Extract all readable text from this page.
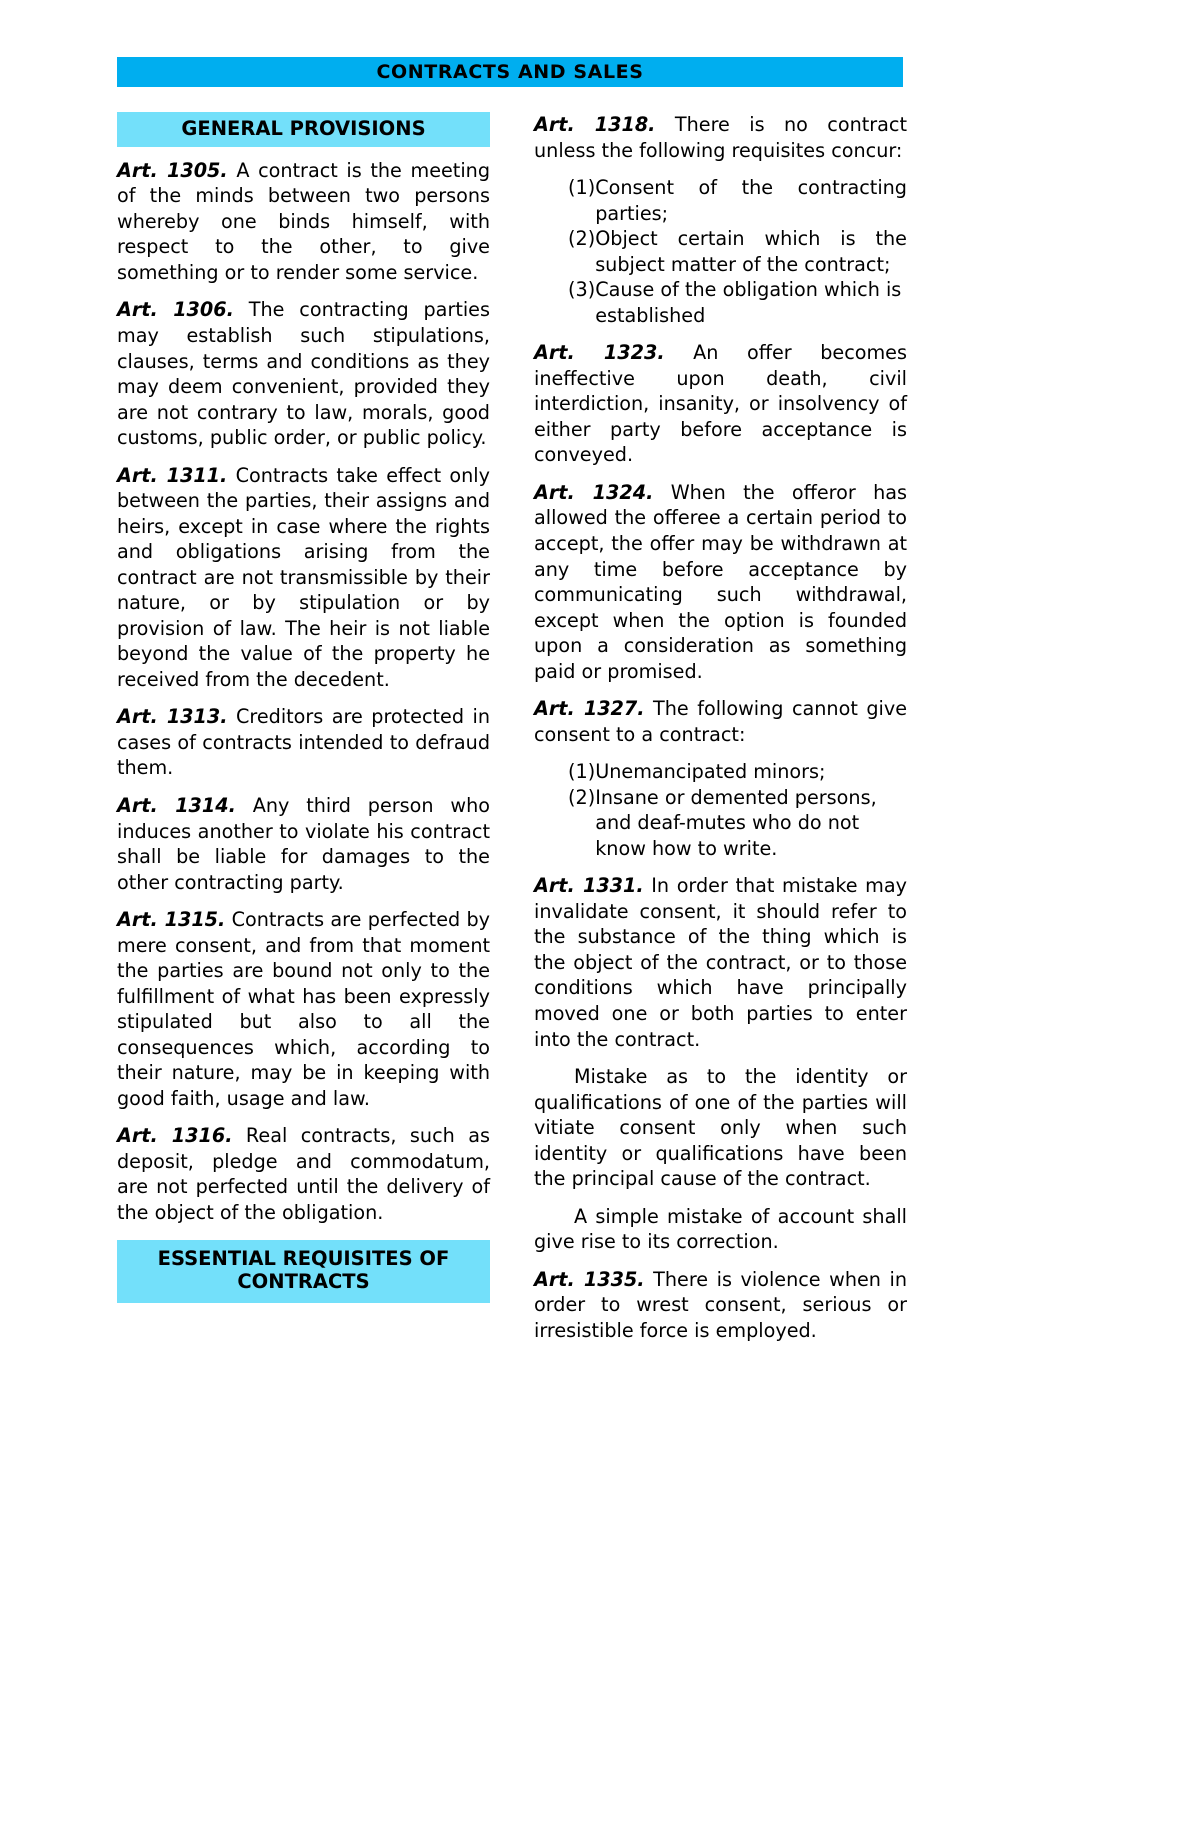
CONTRACTS AND SALES
GENERAL PROVISIONS

Art. 1305. A contract is the meeting of the minds between two persons whereby one binds himself, with respect to the other, to give something or to render some service.

Art. 1306. The contracting parties may establish such stipulations, clauses, terms and conditions as they may deem convenient, provided they are not contrary to law, morals, good customs, public order, or public policy.

Art. 1311. Contracts take effect only between the parties, their assigns and heirs, except in case where the rights and obligations arising from the contract are not transmissible by their nature, or by stipulation or by provision of law. The heir is not liable beyond the value of the property he received from the decedent.

Art. 1313. Creditors are protected in cases of contracts intended to defraud them.

Art. 1314. Any third person who induces another to violate his contract shall be liable for damages to the other contracting party.

Art. 1315. Contracts are perfected by mere consent, and from that moment the parties are bound not only to the fulfillment of what has been expressly stipulated but also to all the consequences which, according to their nature, may be in keeping with good faith, usage and law.

Art. 1316. Real contracts, such as deposit, pledge and commodatum, are not perfected until the delivery of the object of the obligation.

ESSENTIAL REQUISITES OF CONTRACTS

Art. 1318. There is no contract unless the following requisites concur:

(1) Consent of the contracting parties;
(2) Object certain which is the subject matter of the contract;
(3) Cause of the obligation which is established

Art. 1323. An offer becomes ineffective upon death, civil interdiction, insanity, or insolvency of either party before acceptance is conveyed.

Art. 1324. When the offeror has allowed the offeree a certain period to accept, the offer may be withdrawn at any time before acceptance by communicating such withdrawal, except when the option is founded upon a consideration as something paid or promised.

Art. 1327. The following cannot give consent to a contract:

(1) Unemancipated minors;
(2) Insane or demented persons, and deaf-mutes who do not know how to write.

Art. 1331. In order that mistake may invalidate consent, it should refer to the substance of the thing which is the object of the contract, or to those conditions which have principally moved one or both parties to enter into the contract.

Mistake as to the identity or qualifications of one of the parties will vitiate consent only when such identity or qualifications have been the principal cause of the contract.

A simple mistake of account shall give rise to its correction.

Art. 1335. There is violence when in order to wrest consent, serious or irresistible force is employed.
